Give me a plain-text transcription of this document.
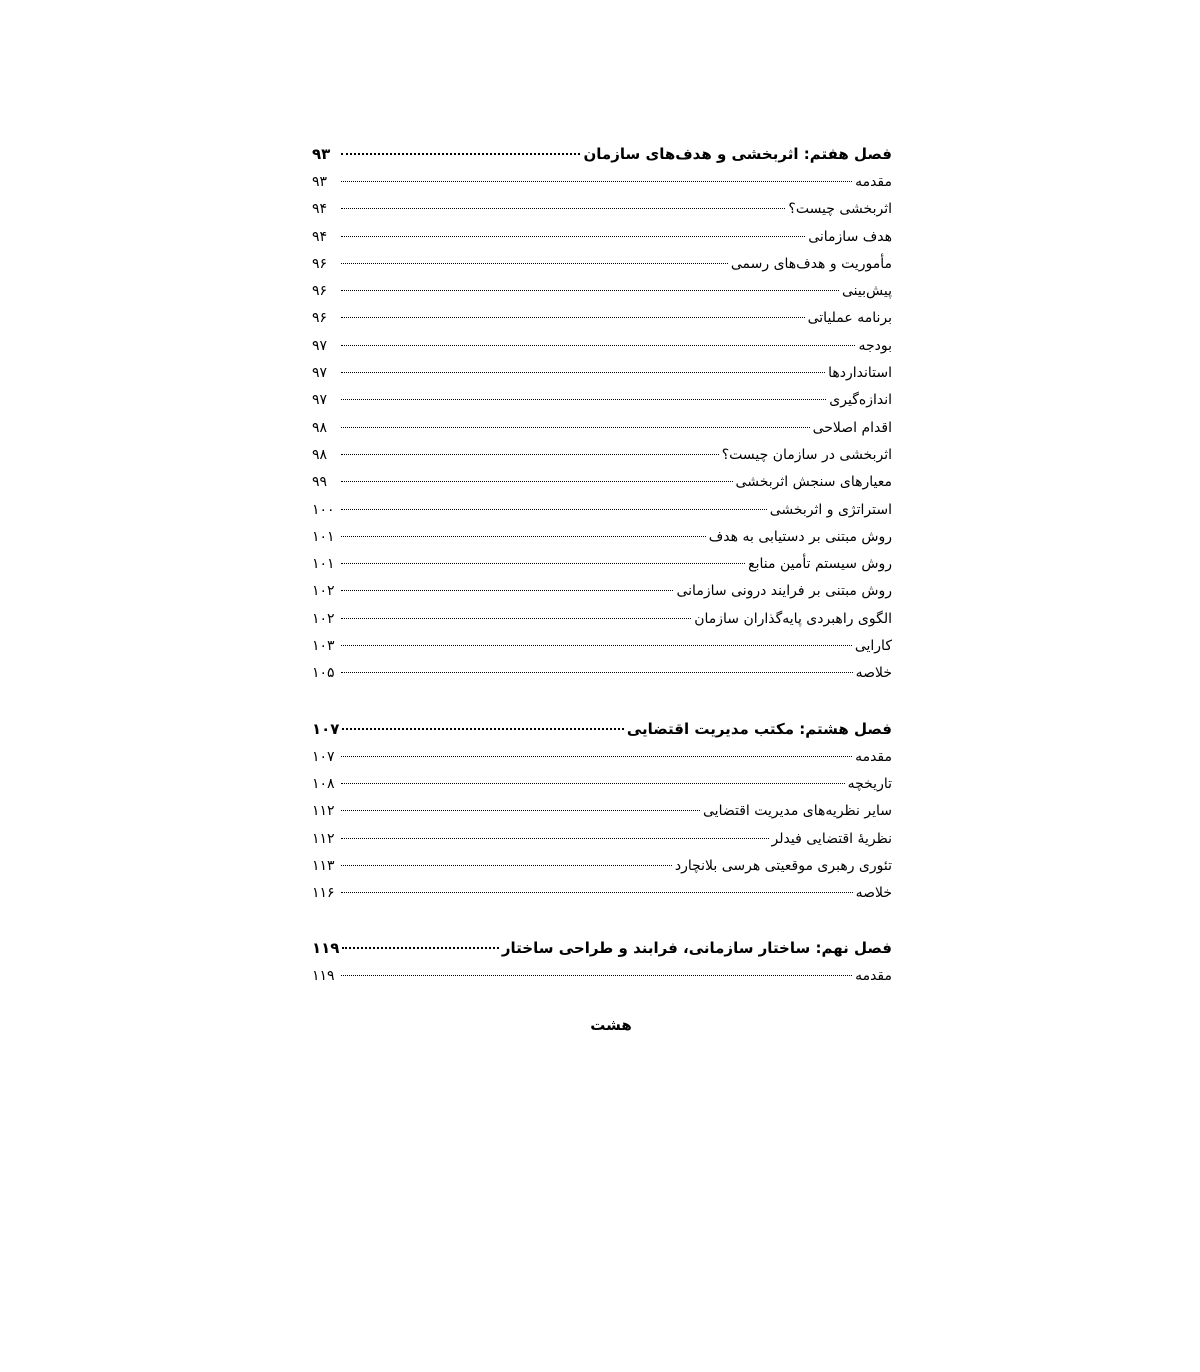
فصل هفتم: اثربخشی و هدف‌های سازمان
۹۳
مقدمه
۹۳
اثربخشی چیست؟
۹۴
هدف سازمانی
۹۴
مأموریت و هدف‌های رسمی
۹۶
پیش‌بینی
۹۶
برنامه عملیاتی
۹۶
بودجه
۹۷
استانداردها
۹۷
اندازه‌گیری
۹۷
اقدام اصلاحی
۹۸
اثربخشی در سازمان چیست؟
۹۸
معیارهای سنجش اثربخشی
۹۹
استراتژی و اثربخشی
۱۰۰
روش مبتنی بر دستیابی به هدف
۱۰۱
روش سیستم تأمین منابع
۱۰۱
روش مبتنی بر فرایند درونی سازمانی
۱۰۲
الگوی راهبردی پایه‌گذاران سازمان
۱۰۲
کارایی
۱۰۳
خلاصه
۱۰۵
فصل هشتم: مکتب مدیریت اقتضایی
۱۰۷
مقدمه
۱۰۷
تاریخچه
۱۰۸
سایر نظریه‌های مدیریت اقتضایی
۱۱۲
نظریهٔ اقتضایی فیدلر
۱۱۲
تئوری رهبری موقعیتی هرسی بلانچارد
۱۱۳
خلاصه
۱۱۶
فصل نهم: ساختار سازمانی، فرابند و طراحی ساختار
۱۱۹
مقدمه
۱۱۹
هشت
